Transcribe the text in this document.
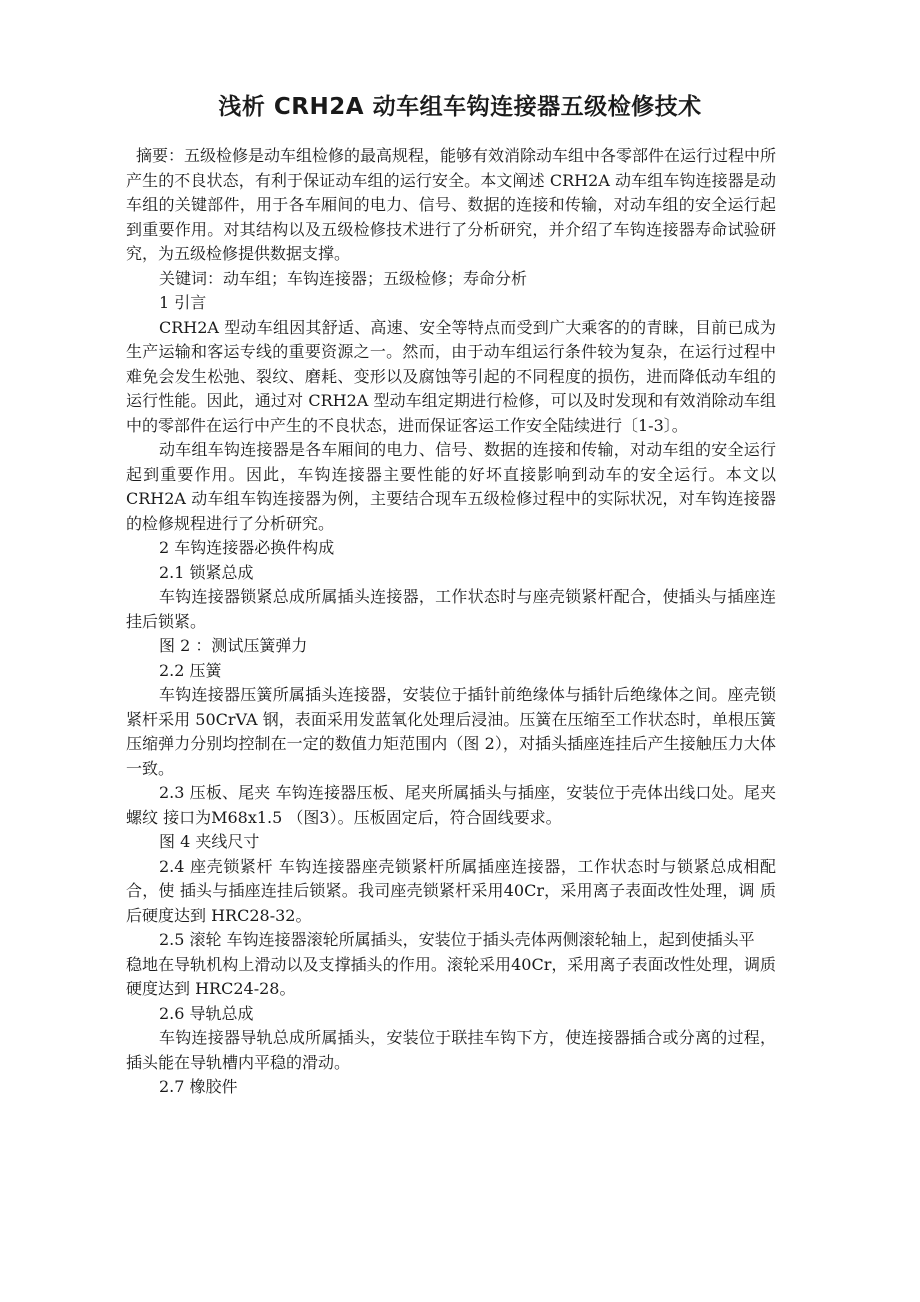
浅析 CRH2A 动车组车钩连接器五级检修技术

摘要：五级检修是动车组检修的最高规程，能够有效消除动车组中各零部件在运行过程中所产生的不良状态，有利于保证动车组的运行安全。本文阐述 CRH2A 动车组车钩连接器是动车组的关键部件，用于各车厢间的电力、信号、数据的连接和传输，对动车组的安全运行起到重要作用。对其结构以及五级检修技术进行了分析研究，并介绍了车钩连接器寿命试验研究，为五级检修提供数据支撑。

关键词：动车组；车钩连接器；五级检修；寿命分析

1 引言

CRH2A 型动车组因其舒适、高速、安全等特点而受到广大乘客的的青睐，目前已成为生产运输和客运专线的重要资源之一。然而，由于动车组运行条件较为复杂，在运行过程中难免会发生松弛、裂纹、磨耗、变形以及腐蚀等引起的不同程度的损伤，进而降低动车组的运行性能。因此，通过对 CRH2A 型动车组定期进行检修，可以及时发现和有效消除动车组中的零部件在运行中产生的不良状态，进而保证客运工作安全陆续进行〔1-3〕。

动车组车钩连接器是各车厢间的电力、信号、数据的连接和传输，对动车组的安全运行起到重要作用。因此，车钩连接器主要性能的好坏直接影响到动车的安全运行。本文以 CRH2A 动车组车钩连接器为例，主要结合现车五级检修过程中的实际状况，对车钩连接器的检修规程进行了分析研究。

2 车钩连接器必换件构成

2.1 锁紧总成

车钩连接器锁紧总成所属插头连接器，工作状态时与座壳锁紧杆配合，使插头与插座连挂后锁紧。

图 2 ：测试压簧弹力

2.2 压簧

车钩连接器压簧所属插头连接器，安装位于插针前绝缘体与插针后绝缘体之间。座壳锁紧杆采用 50CrVA 钢，表面采用发蓝氧化处理后浸油。压簧在压缩至工作状态时，单根压簧压缩弹力分别均控制在一定的数值力矩范围内（图 2），对插头插座连挂后产生接触压力大体一致。

2.3 压板、尾夹 车钩连接器压板、尾夹所属插头与插座，安装位于壳体出线口处。尾夹螺纹 接口为M68x1.5 （图3）。压板固定后，符合固线要求。

图 4 夹线尺寸

2.4 座壳锁紧杆 车钩连接器座壳锁紧杆所属插座连接器，工作状态时与锁紧总成相配合，使 插头与插座连挂后锁紧。我司座壳锁紧杆采用40Cr，采用离子表面改性处理，调 质后硬度达到 HRC28-32。

2.5 滚轮 车钩连接器滚轮所属插头，安装位于插头壳体两侧滚轮轴上，起到使插头平

稳地在导轨机构上滑动以及支撑插头的作用。滚轮采用40Cr，采用离子表面改性处理，调质硬度达到 HRC24-28。

2.6 导轨总成

车钩连接器导轨总成所属插头，安装位于联挂车钩下方，使连接器插合或分离的过程，插头能在导轨槽内平稳的滑动。

2.7 橡胶件
